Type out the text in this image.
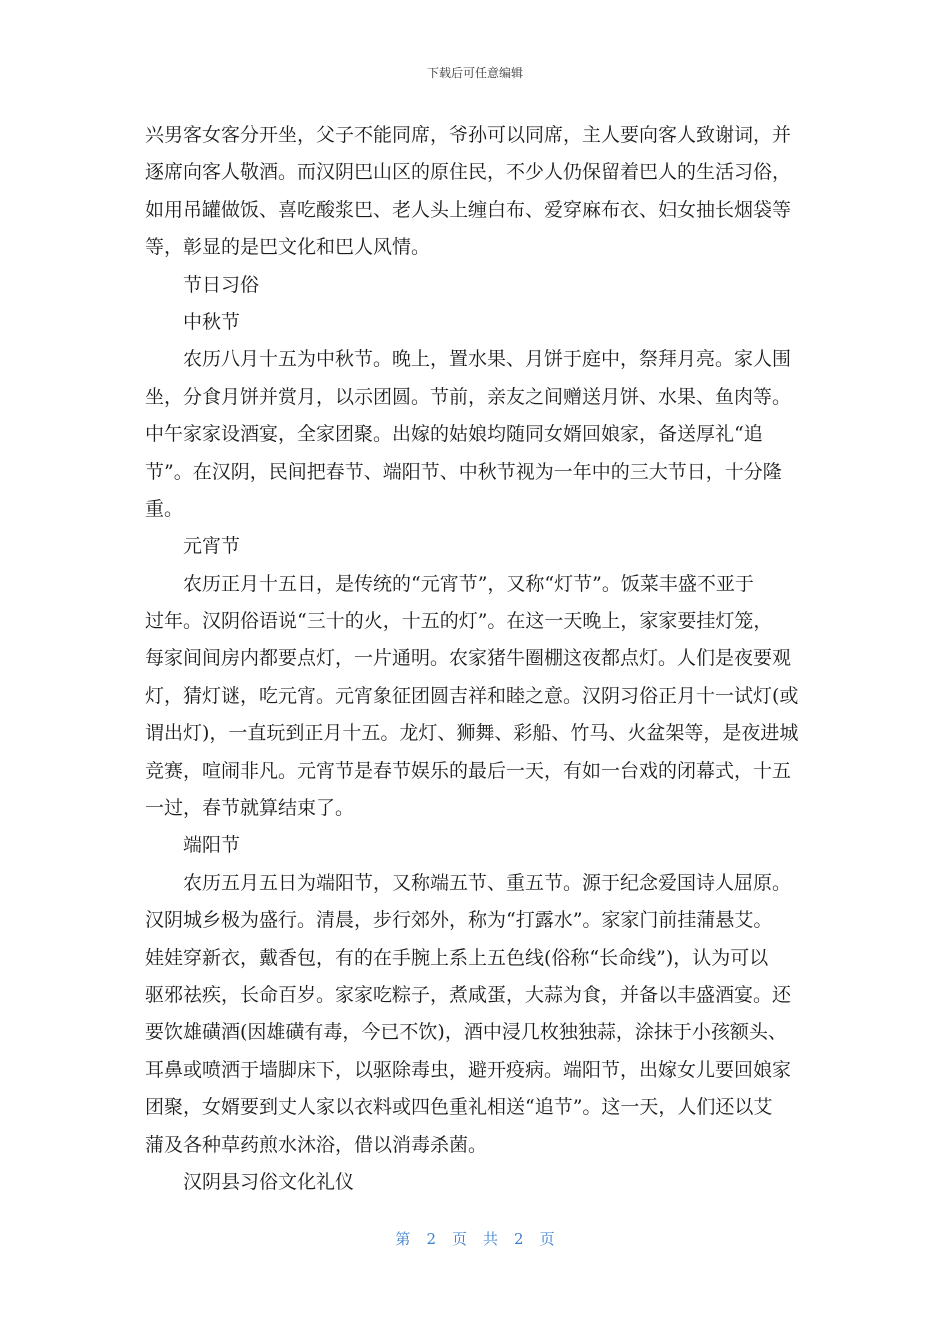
下载后可任意编辑
兴男客女客分开坐，父子不能同席，爷孙可以同席，主人要向客人致谢词，并
逐席向客人敬酒。而汉阴巴山区的原住民，不少人仍保留着巴人的生活习俗，
如用吊罐做饭、喜吃酸浆巴、老人头上缠白布、爱穿麻布衣、妇女抽长烟袋等
等，彰显的是巴文化和巴人风情。
节日习俗
中秋节
农历八月十五为中秋节。晚上，置水果、月饼于庭中，祭拜月亮。家人围
坐，分食月饼并赏月，以示团圆。节前，亲友之间赠送月饼、水果、鱼肉等。
中午家家设酒宴，全家团聚。出嫁的姑娘均随同女婿回娘家，备送厚礼“追
节”。在汉阴，民间把春节、端阳节、中秋节视为一年中的三大节日，十分隆
重。
元宵节
农历正月十五日，是传统的“元宵节”，又称“灯节”。饭菜丰盛不亚于
过年。汉阴俗语说“三十的火，十五的灯”。在这一天晚上，家家要挂灯笼，
每家间间房内都要点灯，一片通明。农家猪牛圈棚这夜都点灯。人们是夜要观
灯，猜灯谜，吃元宵。元宵象征团圆吉祥和睦之意。汉阴习俗正月十一试灯(或
谓出灯)，一直玩到正月十五。龙灯、狮舞、彩船、竹马、火盆架等，是夜进城
竞赛，喧闹非凡。元宵节是春节娱乐的最后一天，有如一台戏的闭幕式，十五
一过，春节就算结束了。
端阳节
农历五月五日为端阳节，又称端五节、重五节。源于纪念爱国诗人屈原。
汉阴城乡极为盛行。清晨，步行郊外，称为“打露水”。家家门前挂蒲悬艾。
娃娃穿新衣，戴香包，有的在手腕上系上五色线(俗称“长命线”)，认为可以
驱邪祛疾，长命百岁。家家吃粽子，煮咸蛋，大蒜为食，并备以丰盛酒宴。还
要饮雄磺酒(因雄磺有毒，今已不饮)，酒中浸几枚独独蒜，涂抹于小孩额头、
耳鼻或喷洒于墙脚床下，以驱除毒虫，避开疫病。端阳节，出嫁女儿要回娘家
团聚，女婿要到丈人家以衣料或四色重礼相送“追节”。这一天，人们还以艾
蒲及各种草药煎水沐浴，借以消毒杀菌。
汉阴县习俗文化礼仪
第 2 页 共 2 页
